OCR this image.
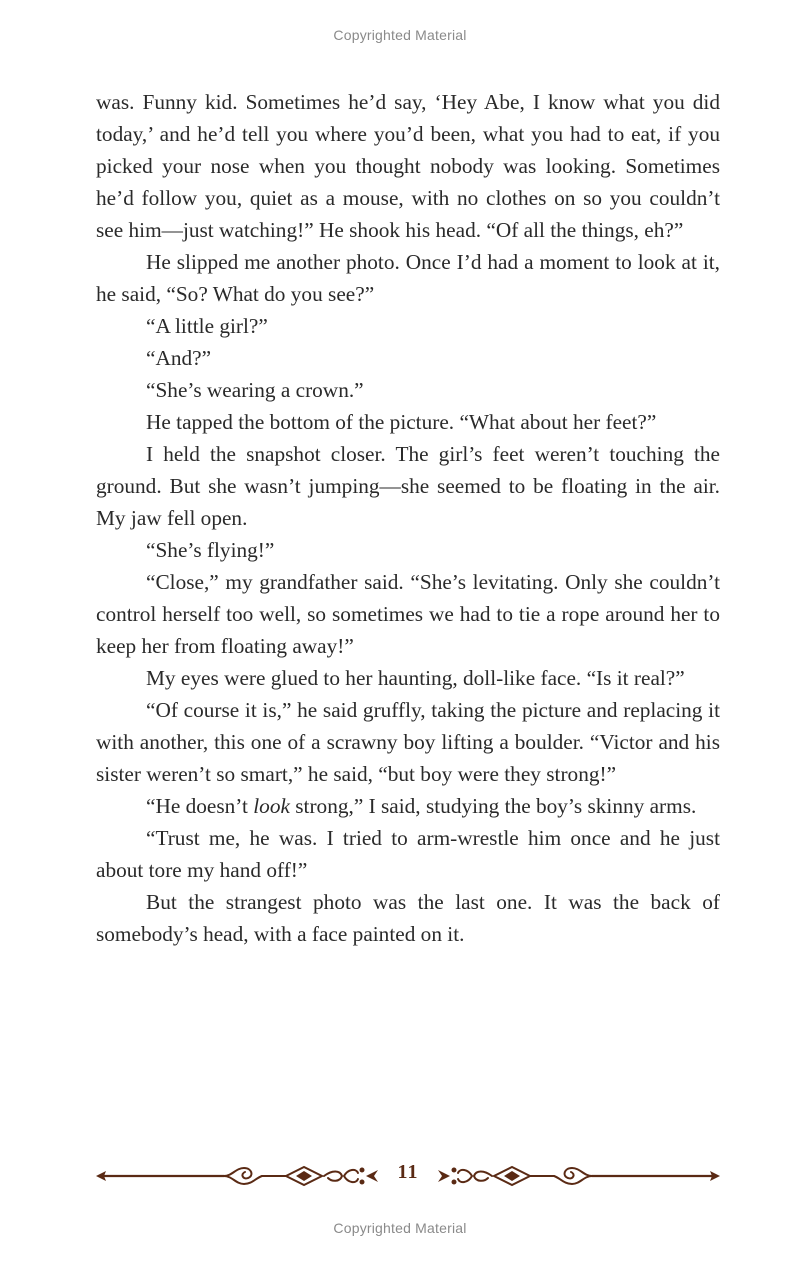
Copyrighted Material

was. Funny kid. Sometimes he’d say, ‘Hey Abe, I know what you did today,’ and he’d tell you where you’d been, what you had to eat, if you picked your nose when you thought nobody was looking. Sometimes he’d follow you, quiet as a mouse, with no clothes on so you couldn’t see him—just watching!” He shook his head. “Of all the things, eh?”

He slipped me another photo. Once I’d had a moment to look at it, he said, “So? What do you see?”

“A little girl?”

“And?”

“She’s wearing a crown.”

He tapped the bottom of the picture. “What about her feet?”

I held the snapshot closer. The girl’s feet weren’t touching the ground. But she wasn’t jumping—she seemed to be floating in the air. My jaw fell open.

“She’s flying!”

“Close,” my grandfather said. “She’s levitating. Only she couldn’t control herself too well, so sometimes we had to tie a rope around her to keep her from floating away!”

My eyes were glued to her haunting, doll-like face. “Is it real?”

“Of course it is,” he said gruffly, taking the picture and replacing it with another, this one of a scrawny boy lifting a boulder. “Victor and his sister weren’t so smart,” he said, “but boy were they strong!”

“He doesn’t look strong,” I said, studying the boy’s skinny arms.

“Trust me, he was. I tried to arm-wrestle him once and he just about tore my hand off!”

But the strangest photo was the last one. It was the back of somebody’s head, with a face painted on it.

11
Copyrighted Material
